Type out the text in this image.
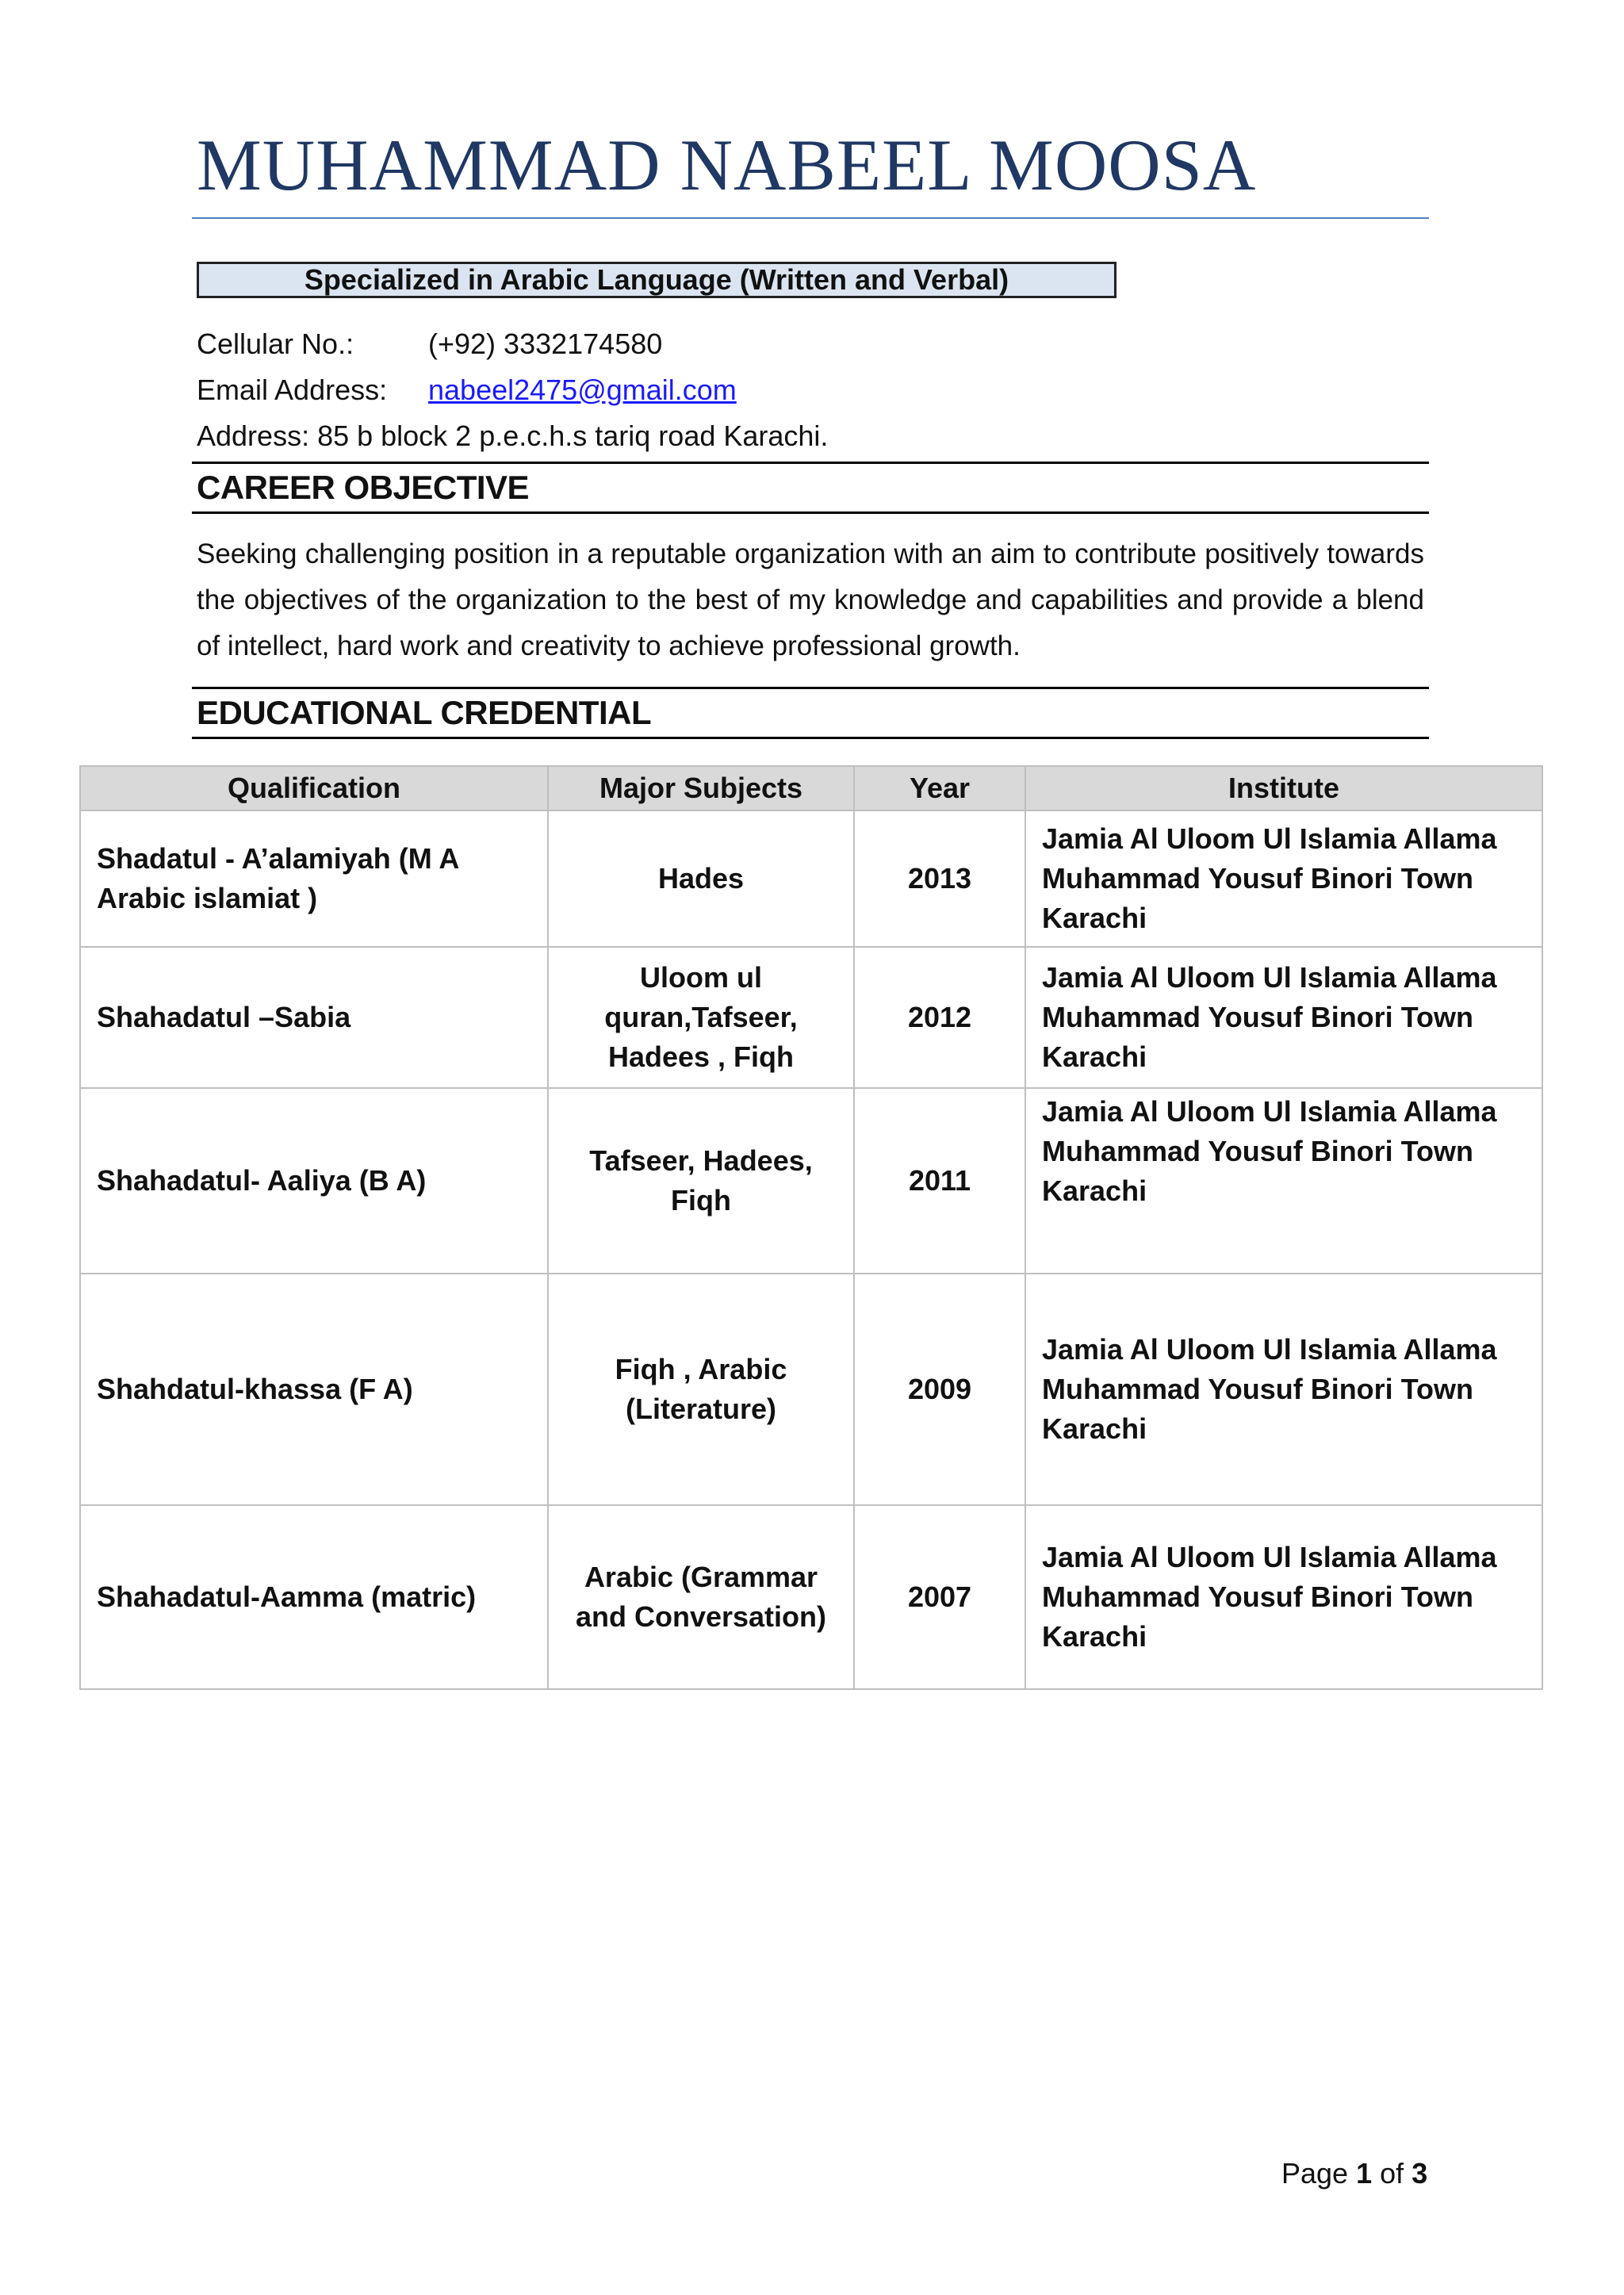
MUHAMMAD NABEEL MOOSA
Specialized in Arabic Language (Written and Verbal)
Cellular No.:	(+92) 3332174580
Email Address: nabeel2475@gmail.com
Address: 85 b block 2 p.e.c.h.s tariq road Karachi.
CAREER OBJECTIVE
Seeking challenging position in a reputable organization with an aim to contribute positively towards the objectives of the organization to the best of my knowledge and capabilities and provide a blend of intellect, hard work and creativity to achieve professional growth.
EDUCATIONAL CREDENTIAL
Qualification	Major Subjects	Year	Institute
Shadatul - A’alamiyah (M A Arabic islamiat )	Hades	2013	Jamia Al Uloom Ul Islamia Allama Muhammad Yousuf Binori Town Karachi
Shahadatul –Sabia	Uloom ul quran,Tafseer, Hadees , Fiqh	2012	Jamia Al Uloom Ul Islamia Allama Muhammad Yousuf Binori Town Karachi
Shahadatul- Aaliya (B A)	Tafseer, Hadees, Fiqh	2011	Jamia Al Uloom Ul Islamia Allama Muhammad Yousuf Binori Town Karachi
Shahdatul-khassa (F A)	Fiqh , Arabic (Literature)	2009	Jamia Al Uloom Ul Islamia Allama Muhammad Yousuf Binori Town Karachi
Shahadatul-Aamma (matric)	Arabic (Grammar and Conversation)	2007	Jamia Al Uloom Ul Islamia Allama Muhammad Yousuf Binori Town Karachi
Page 1 of 3
